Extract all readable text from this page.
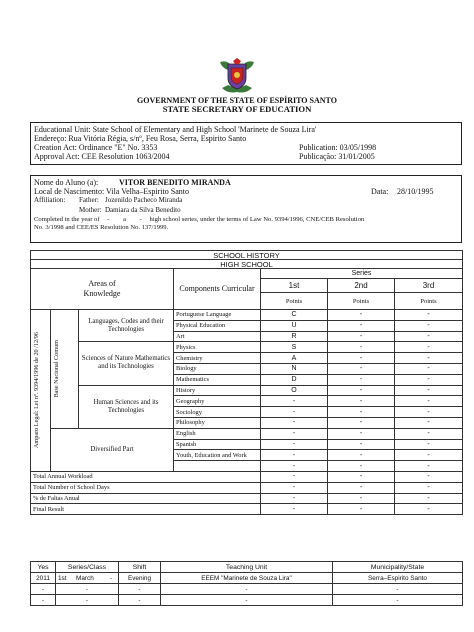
GOVERNMENT OF THE STATE OF ESPÍRITO SANTO
STATE SECRETARY OF EDUCATION
Educational Unit: State School of Elementary and High School 'Marinete de Souza Lira'
Endereço: Rua Vitória Régia, s/nº, Feu Rosa, Serra, Espirito Santo
Creation Act: Ordinance "E" No. 3353	Publication: 03/05/1998
Approval Act: CEE Resolution 1063/2004	Publicação: 31/01/2005
Nome do Aluno (a):	VITOR BENEDITO MIRANDA
Local de Nascimento: Vila Velha–Espirito Santo	Data: 28/10/1995
Affiliation: Father: Jozenildo Pacheco Miranda
Mother: Damiara da Silva Benedito
Completed in the year of - a - high school series, under the terms of Law No. 9394/1996, CNE/CEB Resolution
No. 3/1998 and CEE/ES Resolution No. 137/1999.
SCHOOL HISTORY						
HIGH SCHOOL						
Areas of Knowledge			Components Curricular	Series		
				1st	2nd	3rd
				Points	Points	Points

Amparo Legal: Lei nº. 9394/1996 de 20 /12/96	Base Nacional Comum	Languages, Codes and their Technologies	Portuguese Language	C	-	-
			Physical Education	U	-	-
			Art	R	-	-
		Sciences of Nature Mathematics and its Technologies	Physics	S	-	-
			Chemistry	A	-	-
			Biology	N	-	-
			Mathematics	D	-	-
		Human Sciences and its Technologies	History	O	-	-
			Geography	-	-	-
			Sociology	-	-	-
			Philosophy	-	-	-
	Diversified Part		English	-	-	-
			Spanish	-	-	-
			Youth, Education and Work	-	-	-
				-	-	-
Total Annual Workload				-	-	-
Total Number of School Days				-	-	-
% de Faltas Anual				-	-	-
Final Result				-	-	-
Yes	Series/Class	Shift	Teaching Unit	Municipality/State
2011	1st March -	Evening	EEEM "Marinete de Souza Lira"	Serra–Espirito Santo
-	-	-	-	-
-	-	-	-	-
